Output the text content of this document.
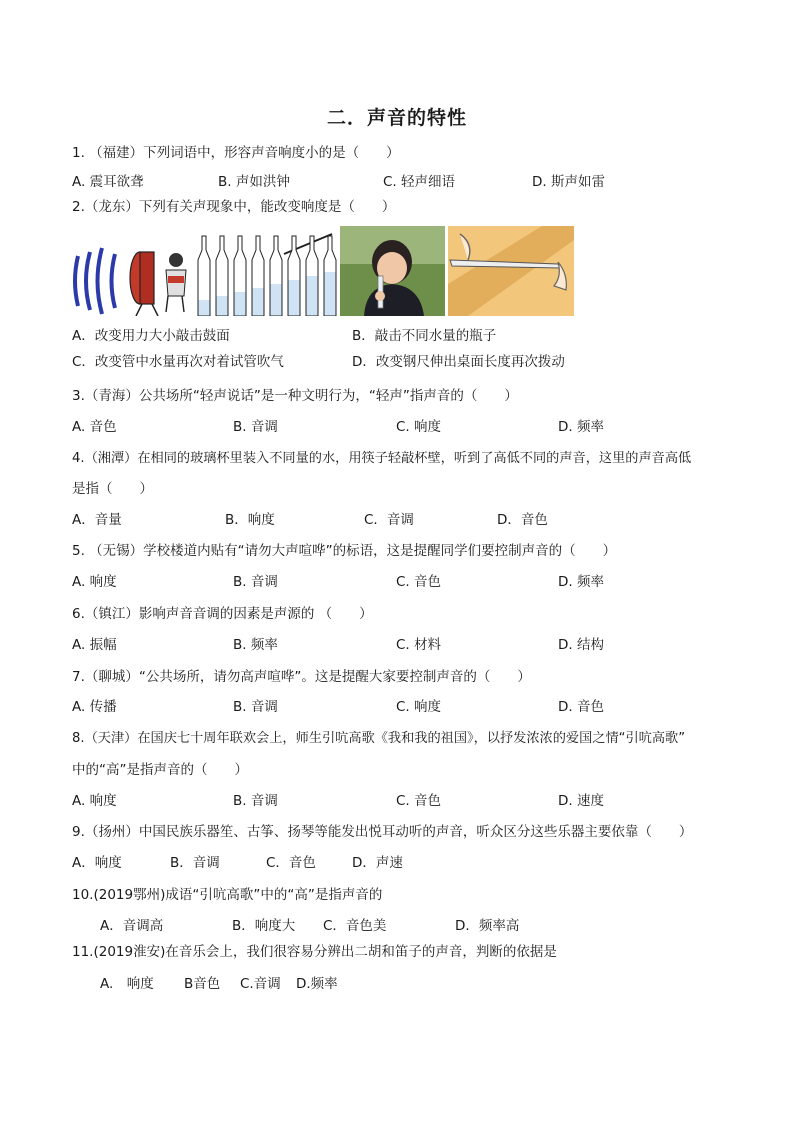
二．声音的特性
1. （福建）下列词语中，形容声音响度小的是（　　）
A. 震耳欲聋	B. 声如洪钟	C. 轻声细语	D. 斯声如雷
2.（龙东）下列有关声现象中，能改变响度是（　　）
A．改变用力大小敲击鼓面	B．敲击不同水量的瓶子
C．改变管中水量再次对着试管吹气	D．改变钢尺伸出桌面长度再次拨动
3.（青海）公共场所“轻声说话”是一种文明行为，“轻声”指声音的（　　）
A. 音色	B. 音调	C. 响度	D. 频率
4.（湘潭）在相同的玻璃杯里装入不同量的水，用筷子轻敲杯壁，听到了高低不同的声音，这里的声音高低
是指（　　）
A．音量	B．响度	C．音调	D．音色
5. （无锡）学校楼道内贴有“请勿大声喧哗”的标语，这是提醒同学们要控制声音的（　　）
A. 响度	B. 音调	C. 音色	D. 频率
6.（镇江）影响声音音调的因素是声源的 （　　）
A. 振幅	B. 频率	C. 材料	D. 结构
7.（聊城）“公共场所，请勿高声喧哗”。这是提醒大家要控制声音的（　　）
A. 传播	B. 音调	C. 响度	D. 音色
8.（天津）在国庆七十周年联欢会上，师生引吭高歌《我和我的祖国》，以抒发浓浓的爱国之情“引吭高歌”
中的“高”是指声音的（　　）
A. 响度	B. 音调	C. 音色	D. 速度
9.（扬州）中国民族乐器笙、古筝、扬琴等能发出悦耳动听的声音，听众区分这些乐器主要依靠（　　）
A．响度	B．音调	C．音色	D．声速
10.(2019鄂州)成语“引吭高歌”中的“高”是指声音的
A．音调高	B．响度大 C．音色美	D．频率高
11.(2019淮安)在音乐会上，我们很容易分辨出二胡和笛子的声音，判断的依据是
A.　响度 B音色 C.音调 D.频率
